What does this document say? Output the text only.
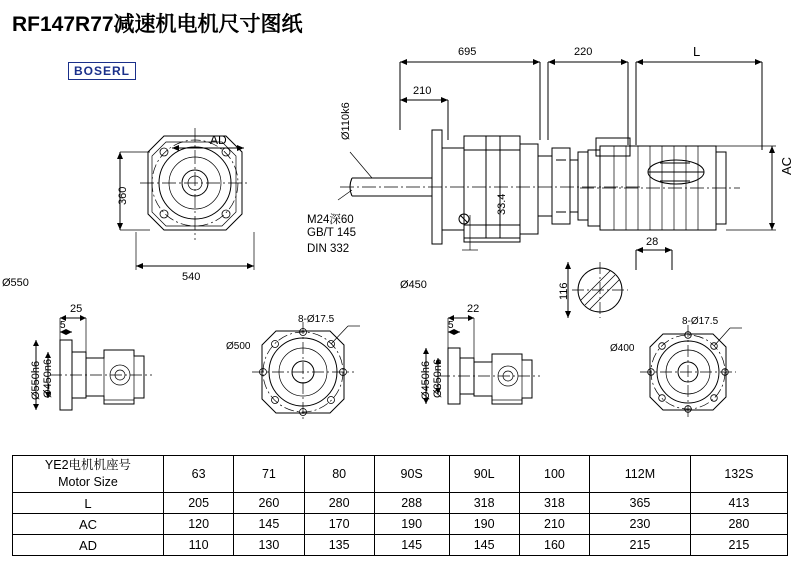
RF147R77减速机电机尺寸图纸
BOSERL
695	220	L
210
Ø110k6
M24深60
GB/T 145
DIN 332
33.4
AC
28
116
AD
360
540
Ø550	Ø450
25
5
22
5
8-Ø17.5	8-Ø17.5
Ø500	Ø400
Ø550h6 Ø450n6	Ø450h6 Ø350n6
YE2电机机座号
Motor Size	63	71	80	90S	90L	100	112M	132S
L	205	260	280	288	318	318	365	413
AC	120	145	170	190	190	210	230	280
AD	110	130	135	145	145	160	215	215
